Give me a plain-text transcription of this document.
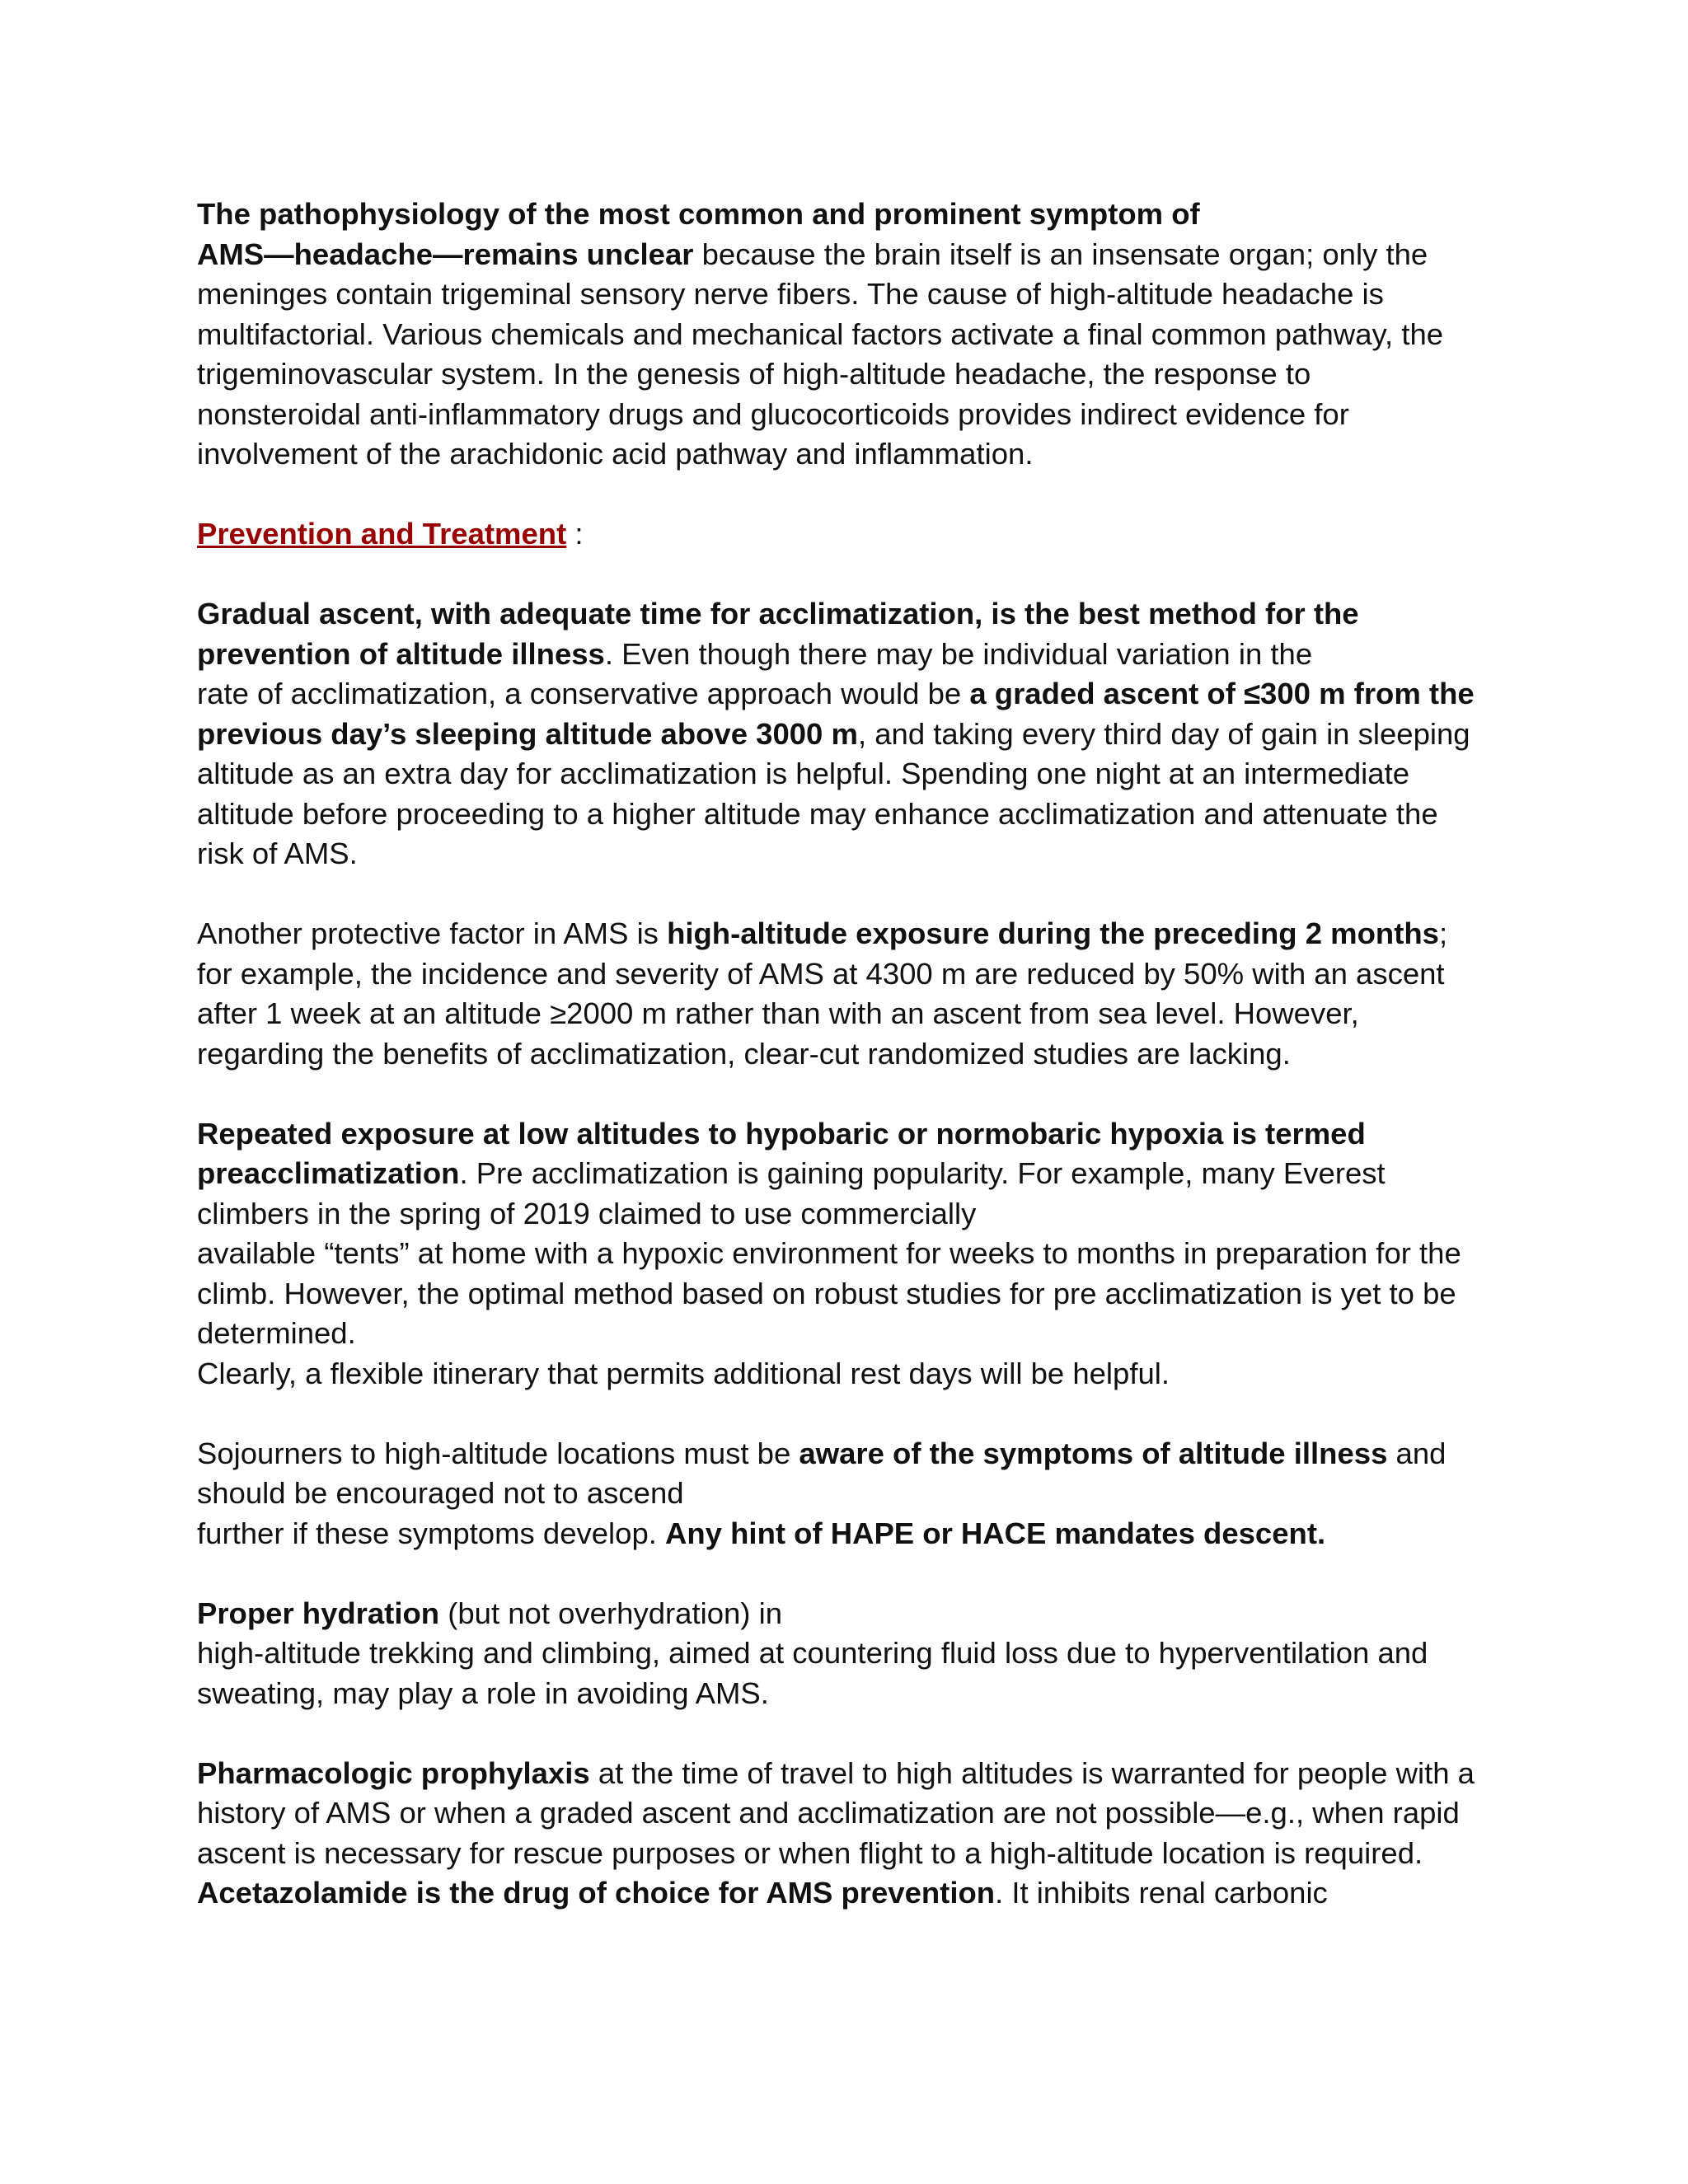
The pathophysiology of the most common and prominent symptom of
AMS—headache—remains unclear because the brain itself is an insensate organ; only the
meninges contain trigeminal sensory nerve fibers. The cause of high-altitude headache is
multifactorial. Various chemicals and mechanical factors activate a final common pathway, the
trigeminovascular system. In the genesis of high-altitude headache, the response to
nonsteroidal anti-inflammatory drugs and glucocorticoids provides indirect evidence for
involvement of the arachidonic acid pathway and inflammation.

Prevention and Treatment :

Gradual ascent, with adequate time for acclimatization, is the best method for the
prevention of altitude illness. Even though there may be individual variation in the
rate of acclimatization, a conservative approach would be a graded ascent of ≤300 m from the
previous day’s sleeping altitude above 3000 m, and taking every third day of gain in sleeping
altitude as an extra day for acclimatization is helpful. Spending one night at an intermediate
altitude before proceeding to a higher altitude may enhance acclimatization and attenuate the
risk of AMS.

Another protective factor in AMS is high-altitude exposure during the preceding 2 months;
for example, the incidence and severity of AMS at 4300 m are reduced by 50% with an ascent
after 1 week at an altitude ≥2000 m rather than with an ascent from sea level. However,
regarding the benefits of acclimatization, clear-cut randomized studies are lacking.

Repeated exposure at low altitudes to hypobaric or normobaric hypoxia is termed
preacclimatization. Pre acclimatization is gaining popularity. For example, many Everest
climbers in the spring of 2019 claimed to use commercially
available “tents” at home with a hypoxic environment for weeks to months in preparation for the
climb. However, the optimal method based on robust studies for pre acclimatization is yet to be
determined.
Clearly, a flexible itinerary that permits additional rest days will be helpful.

Sojourners to high-altitude locations must be aware of the symptoms of altitude illness and
should be encouraged not to ascend
further if these symptoms develop. Any hint of HAPE or HACE mandates descent.

Proper hydration (but not overhydration) in
high-altitude trekking and climbing, aimed at countering fluid loss due to hyperventilation and
sweating, may play a role in avoiding AMS.

Pharmacologic prophylaxis at the time of travel to high altitudes is warranted for people with a
history of AMS or when a graded ascent and acclimatization are not possible—e.g., when rapid
ascent is necessary for rescue purposes or when flight to a high-altitude location is required.
Acetazolamide is the drug of choice for AMS prevention. It inhibits renal carbonic
